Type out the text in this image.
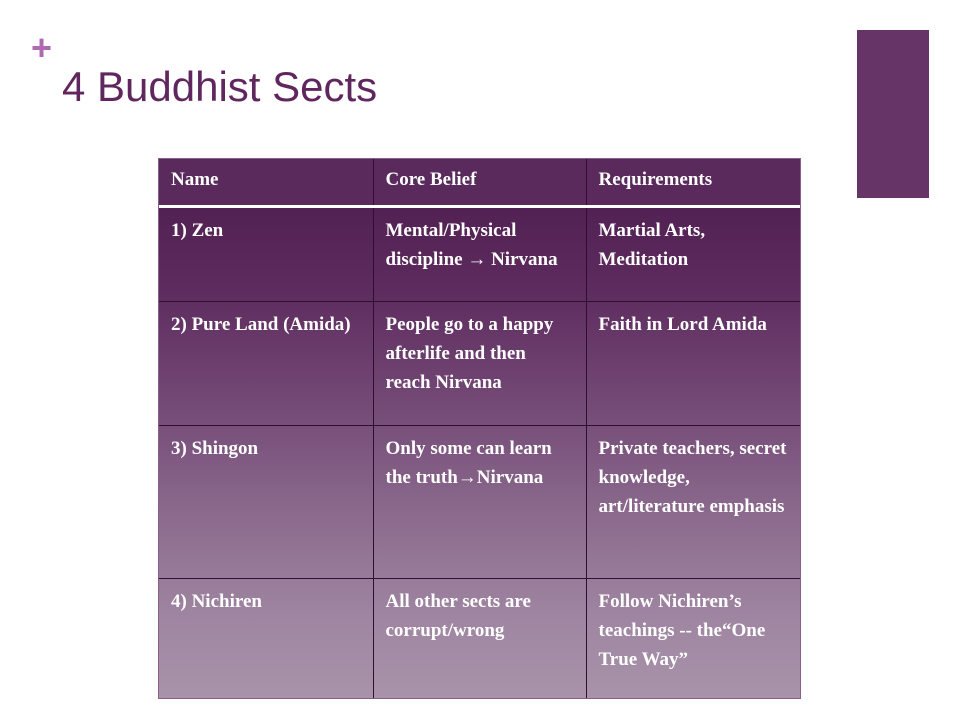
+
4 Buddhist Sects
Name	Core Belief	Requirements
1) Zen	Mental/Physical discipline → Nirvana	Martial Arts, Meditation
2) Pure Land (Amida)	People go to a happy afterlife and then reach Nirvana	Faith in Lord Amida
3) Shingon	Only some can learn the truth→Nirvana	Private teachers, secret knowledge, art/literature emphasis
4) Nichiren	All other sects are corrupt/wrong	Follow Nichiren’s teachings -- the“One True Way”
